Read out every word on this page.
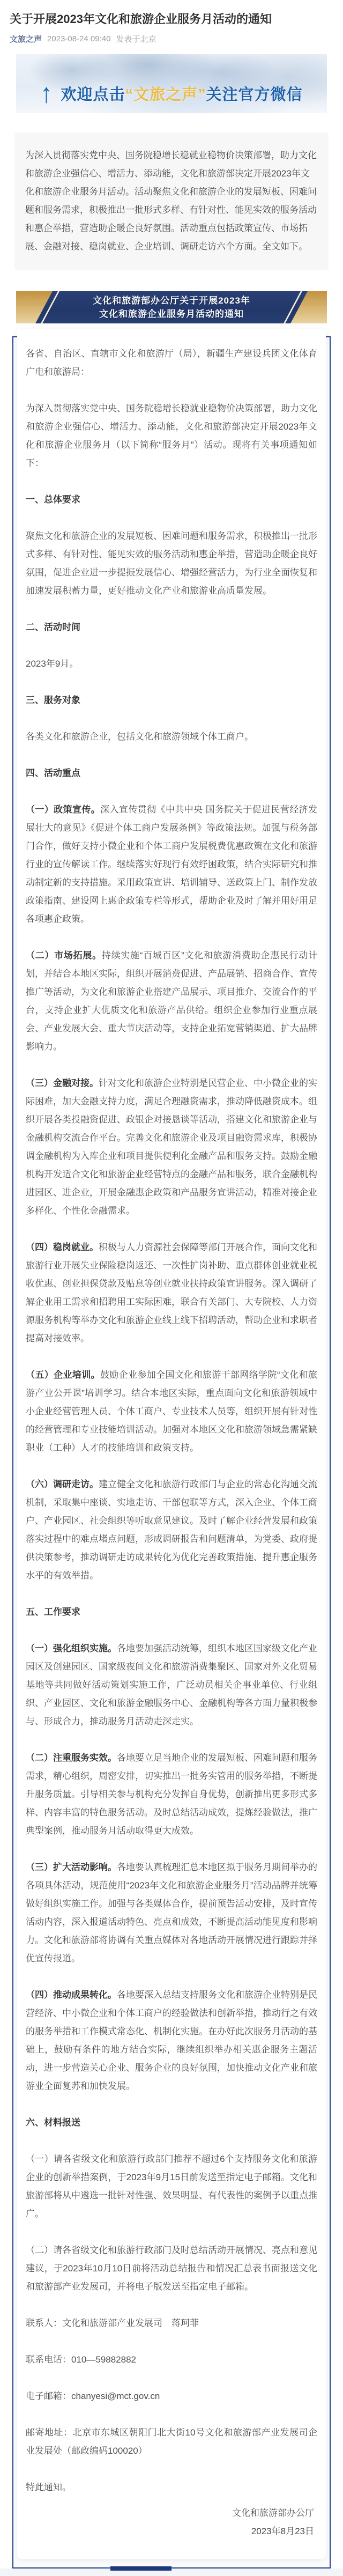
关于开展2023年文化和旅游企业服务月活动的通知
文旅之声 2023-08-24 09:40 发表于北京
↑ 欢迎点击“文旅之声”关注官方微信
为深入贯彻落实党中央、国务院稳增长稳就业稳物价决策部署，助力文化和旅游企业强信心、增活力、添动能，文化和旅游部决定开展2023年文化和旅游企业服务月活动。活动聚焦文化和旅游企业的发展短板、困难问题和服务需求，积极推出一批形式多样、有针对性、能见实效的服务活动和惠企举措，营造助企暖企良好氛围。活动重点包括政策宣传、市场拓展、金融对接、稳岗就业、企业培训、调研走访六个方面。全文如下。
文化和旅游部办公厅关于开展2023年
文化和旅游企业服务月活动的通知

各省、自治区、直辖市文化和旅游厅（局），新疆生产建设兵团文化体育广电和旅游局：

为深入贯彻落实党中央、国务院稳增长稳就业稳物价决策部署，助力文化和旅游企业强信心、增活力、添动能，文化和旅游部决定开展2023年文化和旅游企业服务月（以下简称“服务月”）活动。现将有关事项通知如下：

一、总体要求

聚焦文化和旅游企业的发展短板、困难问题和服务需求，积极推出一批形式多样、有针对性、能见实效的服务活动和惠企举措，营造助企暖企良好氛围，促进企业进一步提振发展信心、增强经营活力，为行业全面恢复和加速发展积蓄力量，更好推动文化产业和旅游业高质量发展。

二、活动时间

2023年9月。

三、服务对象

各类文化和旅游企业，包括文化和旅游领域个体工商户。

四、活动重点

（一）政策宣传。深入宣传贯彻《中共中央 国务院关于促进民营经济发展壮大的意见》《促进个体工商户发展条例》等政策法规。加强与税务部门合作，做好支持小微企业和个体工商户发展税费优惠政策在文化和旅游行业的宣传解读工作。继续落实好现行有效纾困政策，结合实际研究和推动制定新的支持措施。采用政策宣讲、培训辅导、送政策上门、制作发放政策指南、建设网上惠企政策专栏等形式，帮助企业及时了解并用好用足各项惠企政策。

（二）市场拓展。持续实施“百城百区”文化和旅游消费助企惠民行动计划，并结合本地区实际，组织开展消费促进、产品展销、招商合作、宣传推广等活动，为文化和旅游企业搭建产品展示、项目推介、交流合作的平台，支持企业扩大优质文化和旅游产品供给。组织企业参加行业重点展会、产业发展大会、重大节庆活动等，支持企业拓宽营销渠道、扩大品牌影响力。

（三）金融对接。针对文化和旅游企业特别是民营企业、中小微企业的实际困难，加大金融支持力度，满足合理融资需求，推动降低融资成本。组织开展各类投融资促进、政银企对接恳谈等活动，搭建文化和旅游企业与金融机构交流合作平台。完善文化和旅游企业及项目融资需求库，积极协调金融机构为入库企业和项目提供便利化金融产品和服务支持。鼓励金融机构开发适合文化和旅游企业经营特点的金融产品和服务，联合金融机构进园区、进企业，开展金融惠企政策和产品服务宣讲活动，精准对接企业多样化、个性化金融需求。

（四）稳岗就业。积极与人力资源社会保障等部门开展合作，面向文化和旅游行业开展失业保险稳岗返还、一次性扩岗补助、重点群体创业就业税收优惠、创业担保贷款及贴息等创业就业扶持政策宣讲服务。深入调研了解企业用工需求和招聘用工实际困难，联合有关部门、大专院校、人力资源服务机构等举办文化和旅游企业线上线下招聘活动，帮助企业和求职者提高对接效率。

（五）企业培训。鼓励企业参加全国文化和旅游干部网络学院“文化和旅游产业公开课”培训学习。结合本地区实际，重点面向文化和旅游领域中小企业经营管理人员、个体工商户、专业技术人员等，组织开展有针对性的经营管理和专业技能培训活动。加强对本地区文化和旅游领域急需紧缺职业（工种）人才的技能培训和政策支持。

（六）调研走访。建立健全文化和旅游行政部门与企业的常态化沟通交流机制，采取集中座谈、实地走访、干部包联等方式，深入企业、个体工商户、产业园区、社会组织等听取意见建议。及时了解企业经营发展和政策落实过程中的难点堵点问题，形成调研报告和问题清单，为党委、政府提供决策参考，推动调研走访成果转化为优化完善政策措施、提升惠企服务水平的有效举措。

五、工作要求

（一）强化组织实施。各地要加强活动统筹，组织本地区国家级文化产业园区及创建园区、国家级夜间文化和旅游消费集聚区、国家对外文化贸易基地等共同做好活动策划实施工作，广泛动员相关企事业单位、行业组织、产业园区、文化和旅游金融服务中心、金融机构等各方面力量积极参与、形成合力，推动服务月活动走深走实。

（二）注重服务实效。各地要立足当地企业的发展短板、困难问题和服务需求，精心组织，周密安排，切实推出一批务实管用的服务举措，不断提升服务质量。引导相关参与机构充分发挥自身优势，创新推出更多形式多样、内容丰富的特色服务活动。及时总结活动成效，提炼经验做法，推广典型案例，推动服务月活动取得更大成效。

（三）扩大活动影响。各地要认真梳理汇总本地区拟于服务月期间举办的各项具体活动，规范使用“2023年文化和旅游企业服务月”活动品牌并统筹做好组织实施工作。加强与各类媒体合作，提前预告活动安排，及时宣传活动内容，深入报道活动特色、亮点和成效，不断提高活动能见度和影响力。文化和旅游部将协调有关重点媒体对各地活动开展情况进行跟踪并择优宣传报道。

（四）推动成果转化。各地要深入总结支持服务文化和旅游企业特别是民营经济、中小微企业和个体工商户的经验做法和创新举措，推动行之有效的服务举措和工作模式常态化、机制化实施。在办好此次服务月活动的基础上，鼓励有条件的地方结合实际，继续组织举办相关惠企服务主题活动，进一步营造关心企业、服务企业的良好氛围，加快推动文化产业和旅游业全面复苏和加快发展。

六、材料报送

（一）请各省级文化和旅游行政部门推荐不超过6个支持服务文化和旅游企业的创新举措案例，于2023年9月15日前发送至指定电子邮箱。文化和旅游部将从中遴选一批针对性强、效果明显、有代表性的案例予以重点推广。

（二）请各省级文化和旅游行政部门及时总结活动开展情况、亮点和意见建议，于2023年10月10日前将活动总结报告和情况汇总表书面报送文化和旅游部产业发展司，并将电子版发送至指定电子邮箱。

联系人：文化和旅游部产业发展司　蒋珂菲

联系电话：010—59882882

电子邮箱：chanyesi@mct.gov.cn

邮寄地址：北京市东城区朝阳门北大街10号文化和旅游部产业发展司企业发展处（邮政编码100020）

特此通知。

文化和旅游部办公厅
2023年8月23日
